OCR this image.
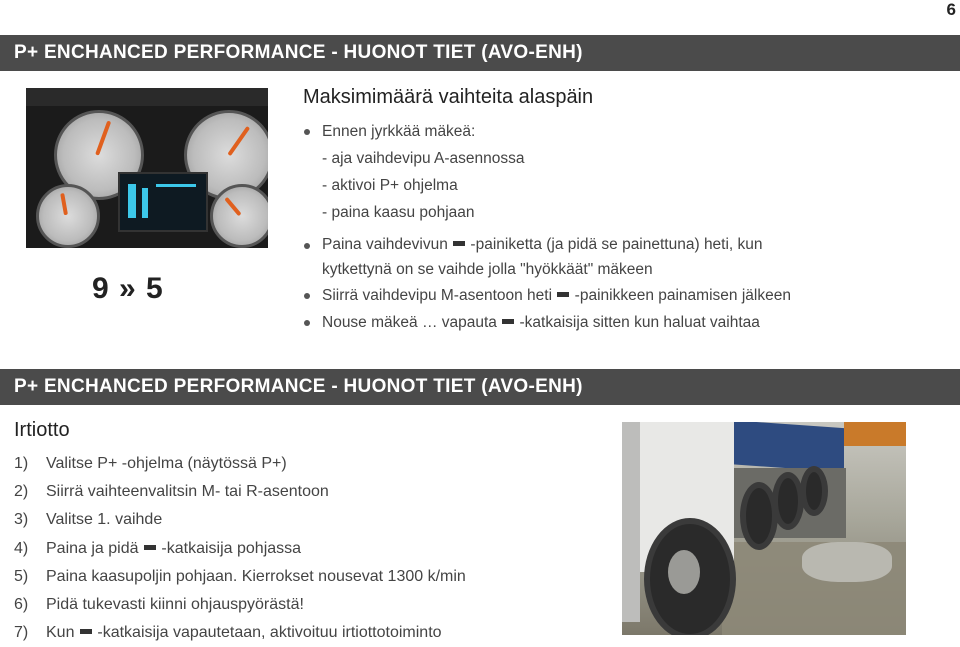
6
P+ ENCHANCED PERFORMANCE - HUONOT TIET (AVO-ENH)
9 » 5
Maksimimäärä vaihteita alaspäin
Ennen jyrkkää mäkeä:
- aja vaihdevipu A-asennossa
- aktivoi P+ ohjelma
- paina kaasu pohjaan
Paina vaihdevivun  -painiketta (ja pidä se painettuna) heti, kun
kytkettynä on se vaihde jolla "hyökkäät" mäkeen
Siirrä vaihdevipu M-asentoon heti  -painikkeen painamisen jälkeen
Nouse mäkeä … vapauta  -katkaisija sitten kun haluat vaihtaa
P+ ENCHANCED PERFORMANCE - HUONOT TIET (AVO-ENH)
Irtiotto
1) Valitse P+ -ohjelma (näytössä P+)
2) Siirrä vaihteenvalitsin M- tai R-asentoon
3) Valitse 1. vaihde
4) Paina ja pidä  -katkaisija pohjassa
5) Paina kaasupoljin pohjaan. Kierrokset nousevat 1300 k/min
6) Pidä tukevasti kiinni ohjauspyörästä!
7) Kun  -katkaisija vapautetaan, aktivoituu irtiottotoiminto
